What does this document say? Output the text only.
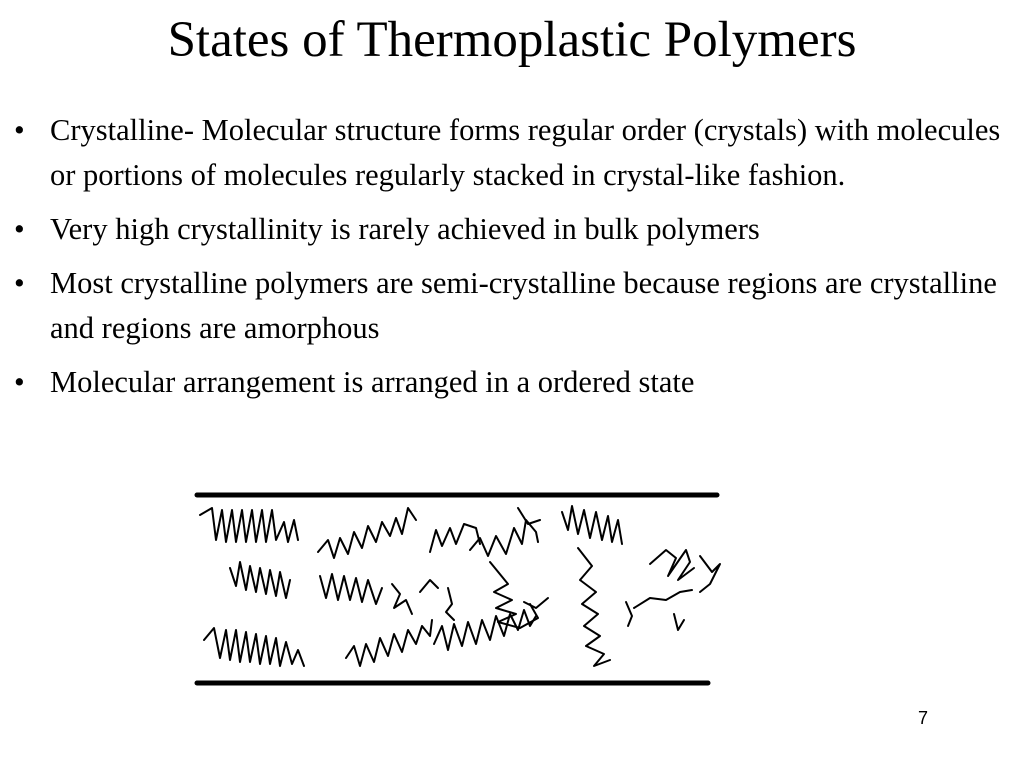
States of Thermoplastic Polymers
• Crystalline- Molecular structure forms regular order (crystals) with molecules or portions of molecules regularly stacked in crystal-like fashion.
• Very high crystallinity is rarely achieved in bulk polymers
• Most crystalline polymers are semi-crystalline because regions are crystalline and regions are amorphous
• Molecular arrangement is arranged in a ordered state
7
